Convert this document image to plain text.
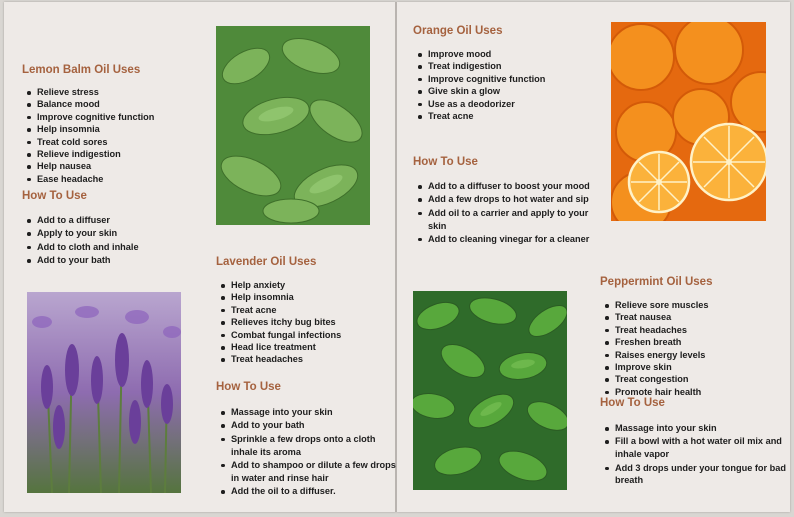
Lemon Balm Oil Uses
Relieve stress
Balance mood
Improve cognitive function
Help insomnia
Treat cold sores
Relieve indigestion
Help nausea
Ease headache
How To Use
Add to a diffuser
Apply to your skin
Add to cloth and inhale
Add to your bath	Lavender Oil Uses
Help anxiety
Help insomnia
Treat acne
Relieves itchy bug bites
Combat fungal infections
Head lice treatment
Treat headaches
How To Use
Massage into your skin
Add to your bath
Sprinkle a few drops onto a cloth inhale its aroma
Add to shampoo or dilute a few drops in water and rinse hair
Add the oil to a diffuser.
Orange Oil Uses
Improve mood
Treat indigestion
Improve cognitive function
Give skin a glow
Use as a deodorizer
Treat acne
How To Use
Add to a diffuser to boost your mood
Add a few drops to hot water and sip
Add oil to a carrier and apply to your skin
Add to cleaning vinegar for a cleaner
Peppermint Oil Uses
Relieve sore muscles
Treat nausea
Treat headaches
Freshen breath
Raises energy levels
Improve skin
Treat congestion
Promote hair health
How To Use
Massage into your skin
Fill a bowl with a hot water oil mix and inhale vapor
Add 3 drops under your tongue for bad breath
